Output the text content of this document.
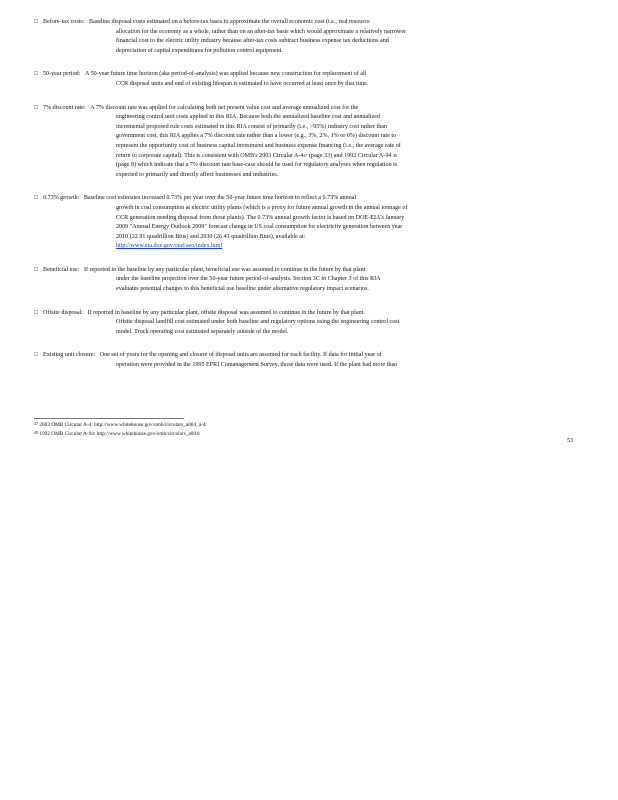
□ Before-tax costs: Baseline disposal costs estimated on a before-tax basis to approximate the overall economic cost (i.e., real resource
allocation for the economy as a whole, rather than on an after-tax basis which would approximate a relatively narrower
financial cost to the electric utility industry because after-tax costs subtract business expense tax deductions and
depreciation of capital expenditures for pollution control equipment.
□ 50-year period: A 50-year future time horizon (aka period-of-analysis) was applied because new construction for replacement of all
CCR disposal units and end of existing lifespan is estimated to have occurred at least once by that time.
□ 7% discount rate: A 7% discount rate was applied for calculating both net present value cost and average annualized cost for the
engineering control unit costs applied in this RIA. Because both the annualized baseline cost and annualized
incremental proposed rule costs estimated in this RIA consist of primarily (i.e., >95%) industry cost rather than
government cost, this RIA applies a 7% discount rate rather than a lower (e.g., 3%, 2%, 1% or 0%) discount rate to
represent the opportunity cost of business capital investment and business expense financing (i.e., the average rate of
return to corporate capital). This is consistent with OMB's 2003 Circular $A-4^{47}$ (page 33) and 1992 Circular A-94 $^{48}$
(page 8) which indicate that a 7% discount rate base-case should be used for regulatory analyses when regulation is
expected to primarily and directly affect businesses and industries.
□ 0.73% growth: Baseline cost estimates increased 0.73% per year over the 50-year future time horizon to reflect a 0.73% annual
growth in coal consumption at electric utility plants (which is a proxy for future annual growth in the annual tonnage of
CCR generation needing disposal from those plants). The 0.73% annual growth factor is based on DOE-EIA's January
2009 "Annual Energy Outlook 2009" forecast change in US coal consumption for electricity generation between year
2010 (22.91 quadrillion Btus) and 2030 (26.41 quadrillion Btus), available at:
http://www.eia.doe.gov/oiaf/aeo/index.html
□ Beneficial use: If reported in the baseline by any particular plant, beneficial use was assumed to continue in the future by that plant
under the baseline projection over the 50-year future period-of-analysis. Section 3C in Chapter 3 of this RIA
evaluates potential changes to this beneficial use baseline under alternative regulatory impact scenarios.
□ Offsite disposal: If reported in baseline by any particular plant, offsite disposal was assumed to continue in the future by that plant.
Offsite disposal landfill cost estimated under both baseline and regulatory options using the engineering control cost
model. Truck operating cost estimated separately outside of the model.
□ Existing unit closure: One set of years for the opening and closure of disposal units are assumed for each facility. If data for initial year of
operation were provided in the 1995 EPRI Comanagement Survey, those data were used. If the plant had more than
$^{47}$ 2003 OMB Circular A-4: http://www.whitehouse.gov/omb/circulars_a004_a-4/
$^{48}$ 1992 OMB Circular A-94: http://www.whitehouse.gov/omb/circulars_a094/
53
